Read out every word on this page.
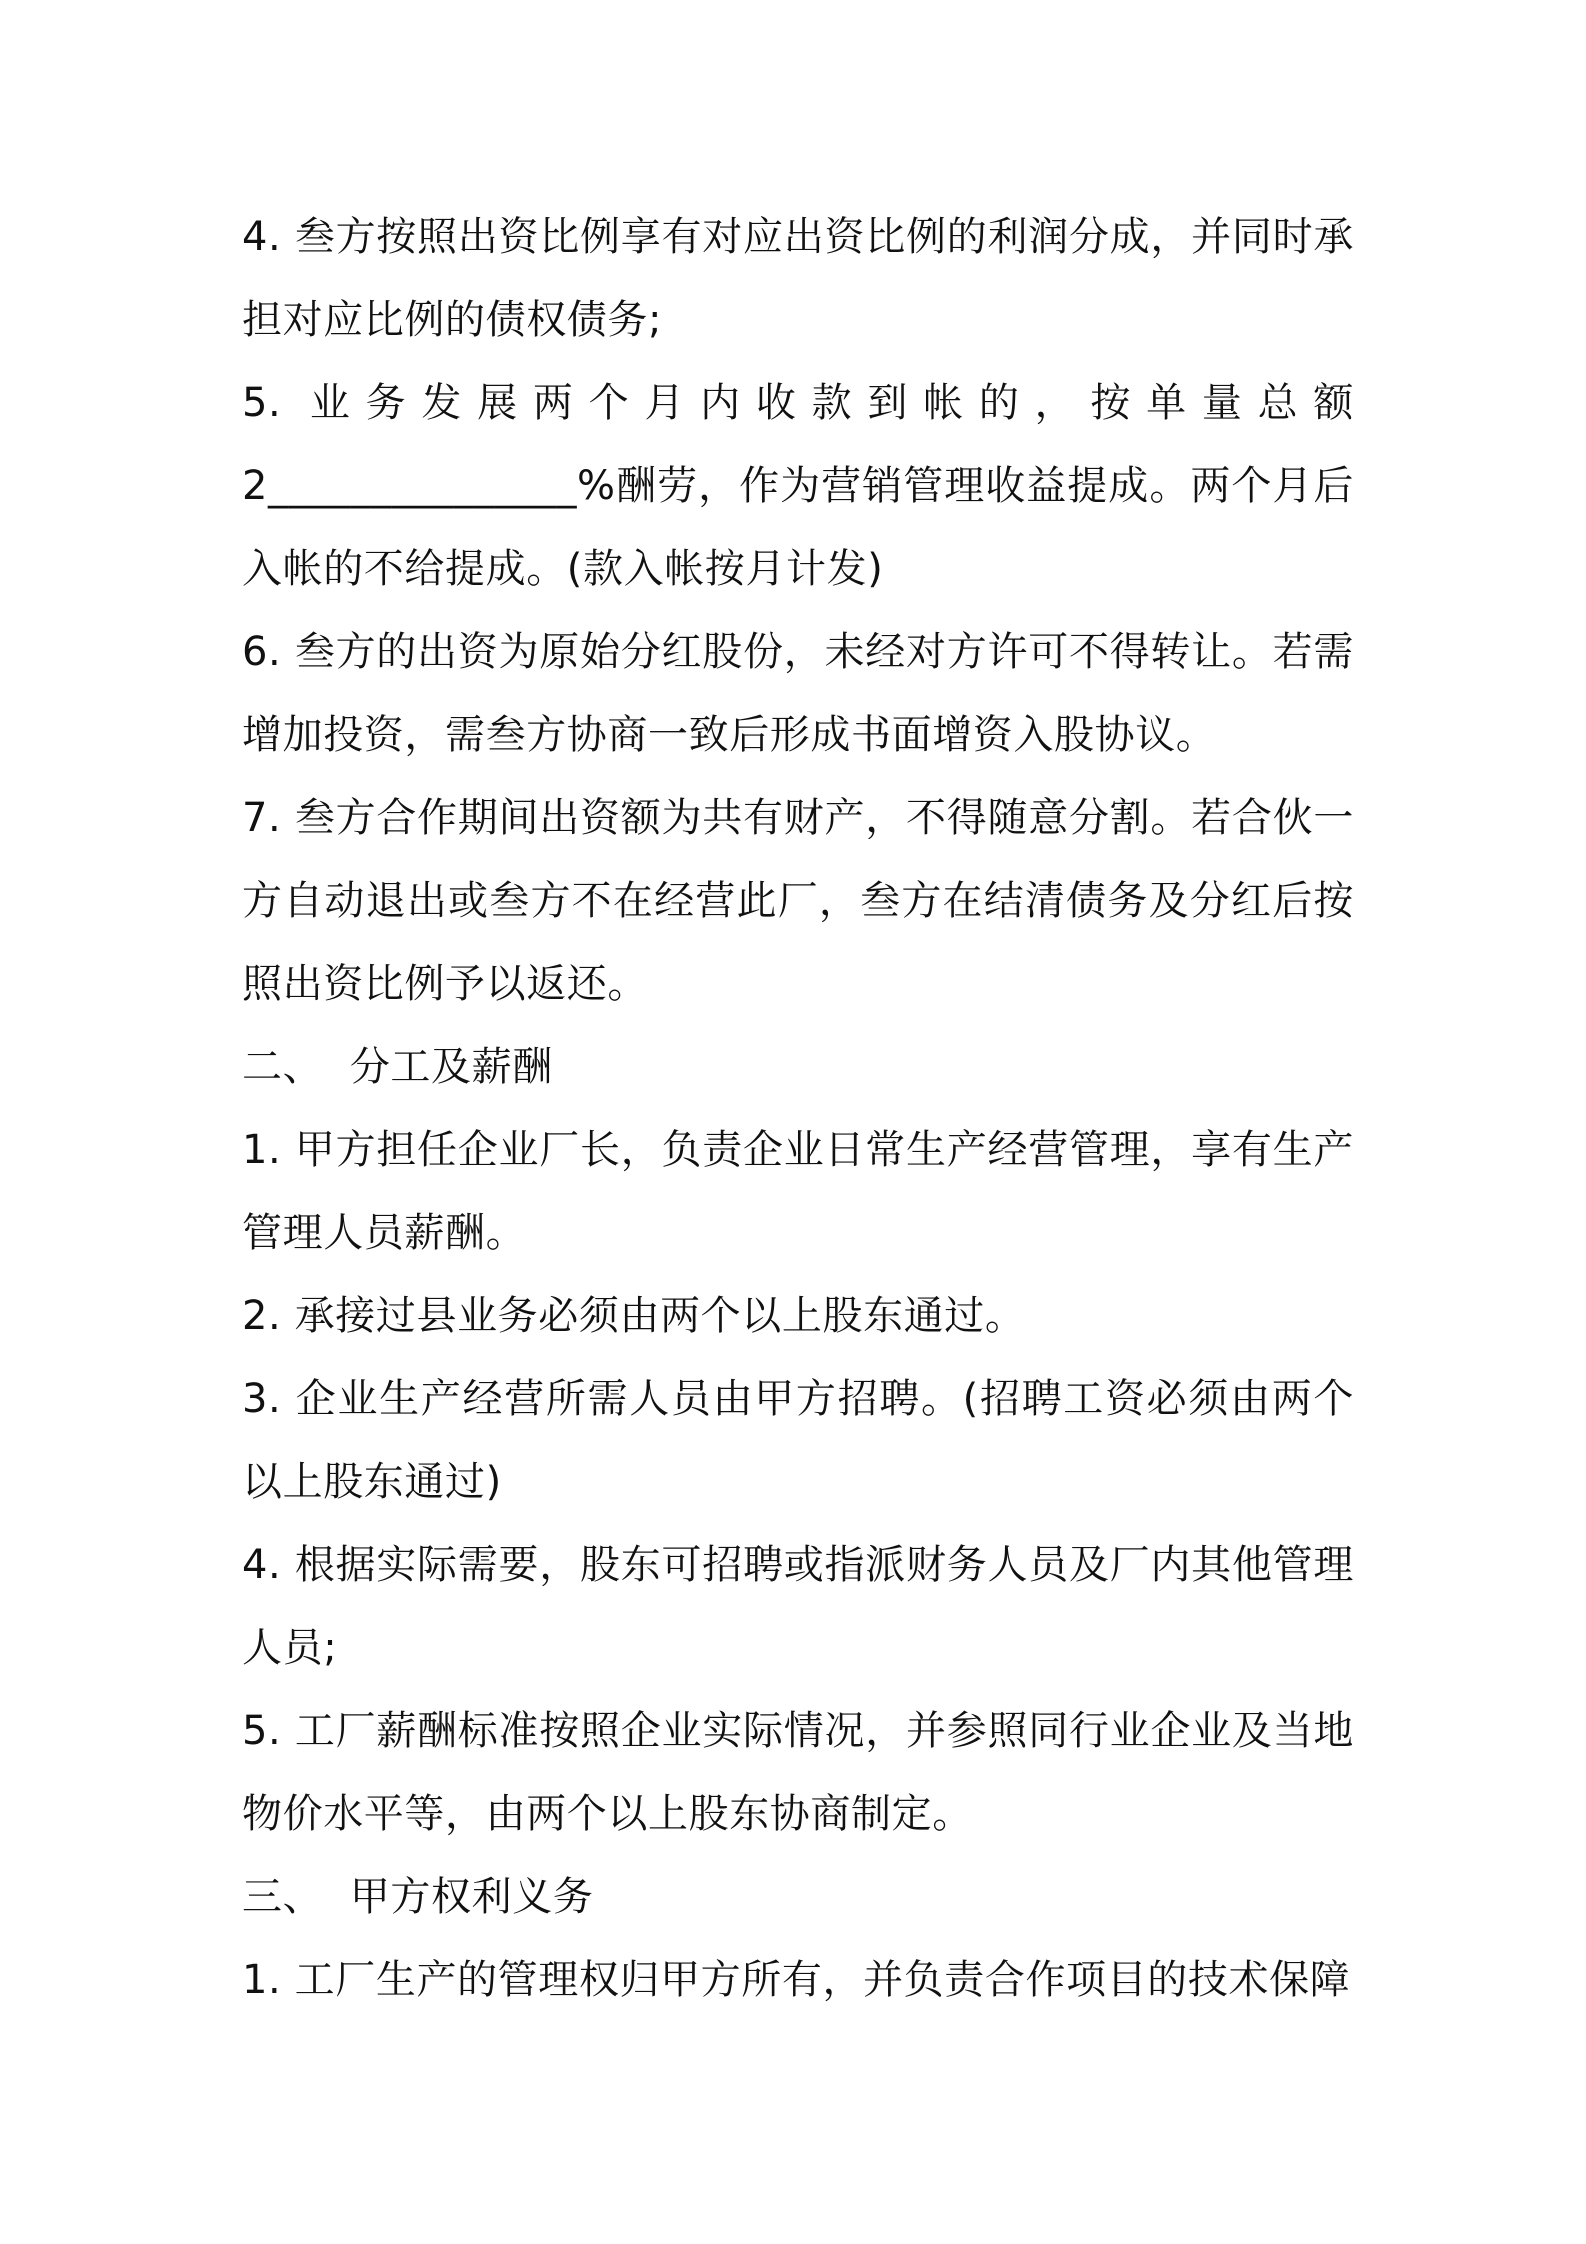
4. 叁方按照出资比例享有对应出资比例的利润分成，并同时承担对应比例的债权债务;

5. 业务发展两个月内收款到帐的，按单量总额

2_______________%酬劳，作为营销管理收益提成。两个月后入帐的不给提成。(款入帐按月计发)

6. 叁方的出资为原始分红股份，未经对方许可不得转让。若需增加投资，需叁方协商一致后形成书面增资入股协议。

7. 叁方合作期间出资额为共有财产，不得随意分割。若合伙一方自动退出或叁方不在经营此厂，叁方在结清债务及分红后按照出资比例予以返还。

二、  分工及薪酬

1. 甲方担任企业厂长，负责企业日常生产经营管理，享有生产管理人员薪酬。

2. 承接过县业务必须由两个以上股东通过。

3. 企业生产经营所需人员由甲方招聘。(招聘工资必须由两个以上股东通过)

4. 根据实际需要，股东可招聘或指派财务人员及厂内其他管理人员;

5. 工厂薪酬标准按照企业实际情况，并参照同行业企业及当地物价水平等，由两个以上股东协商制定。

三、  甲方权利义务

1. 工厂生产的管理权归甲方所有，并负责合作项目的技术保障
